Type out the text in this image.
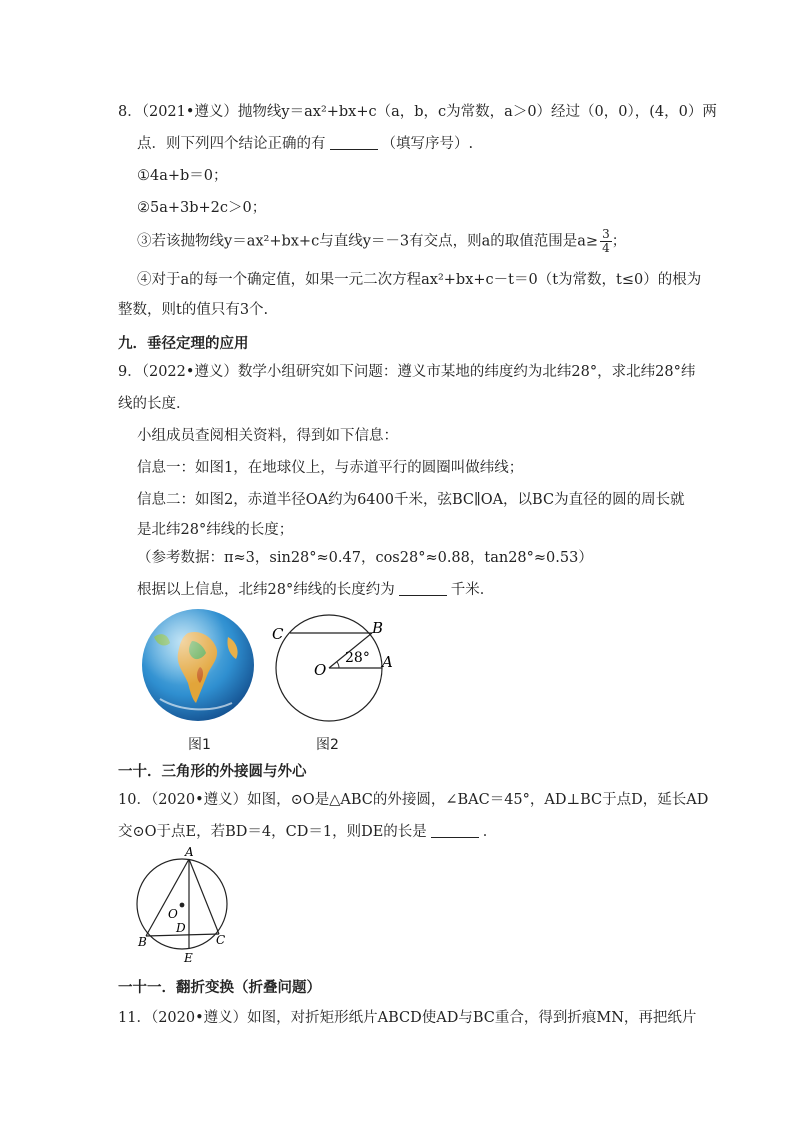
8．（2021•遵义）抛物线y＝ax²+bx+c（a，b，c为常数，a＞0）经过（0，0），(4，0）两
点．则下列四个结论正确的有	（填写序号）.
①4a+b＝0；
②5a+3b+2c＞0；
③若该抛物线y＝ax²+bx+c与直线y＝－3有交点，则a的取值范围是$a\ge \frac{3}{4}$ ；
④对于a的每一个确定值，如果一元二次方程ax²+bx+c－t＝0（t为常数，t≤0）的根为
整数，则t的值只有3个.
九．垂径定理的应用
9．（2022•遵义）数学小组研究如下问题：遵义市某地的纬度约为北纬28°，求北纬28°纬
线的长度．
小组成员查阅相关资料，得到如下信息：
信息一：如图1，在地球仪上，与赤道平行的圆圈叫做纬线；
信息二：如图2，赤道半径OA约为6400千米，弦BC∥OA，以BC为直径的圆的周长就
是北纬28°纬线的长度；
（参考数据：π≈3，sin28°≈0.47，cos28°≈0.88，tan28°≈0.53）
根据以上信息，北纬28°纬线的长度约为	千米．
图1
C	B
O	A
28°
图2
一十．三角形的外接圆与外心
10．（2020•遵义）如图，⊙O是△ABC的外接圆，∠BAC＝45°，AD⊥BC于点D，延长AD
交⊙O于点E，若BD＝4，CD＝1，则DE的长是	．
A
O
D
B	C
E
一十一．翻折变换（折叠问题）
11．（2020•遵义）如图，对折矩形纸片ABCD使AD与BC重合，得到折痕MN，再把纸片
